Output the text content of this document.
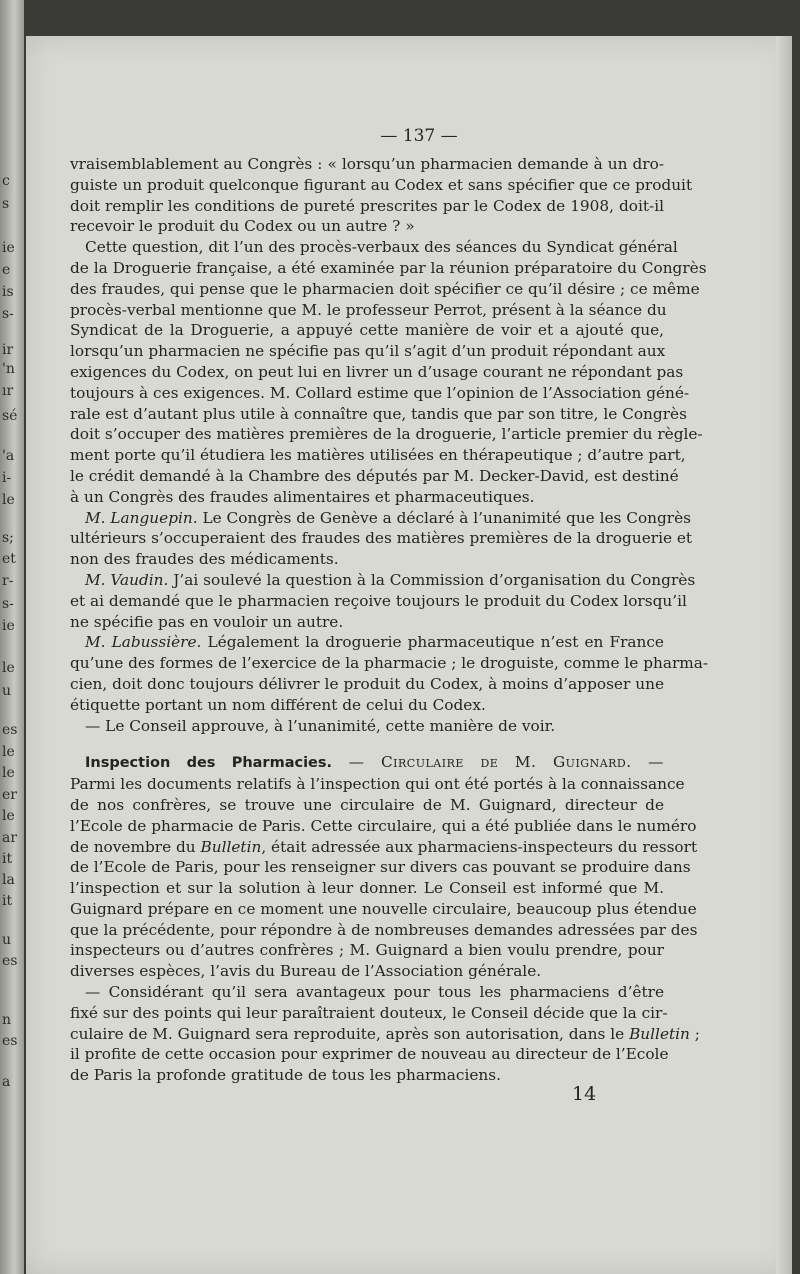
c
s
ie
e
is
s-
ir
'n
ır
sé
'a
i-
le
s;
et
r-
s-
ie
le
u
es
le
le
er
le
ar
it
la
it
u
es
n
es
a
— 137 —
vraisemblablement au Congrès : « lorsqu’un pharmacien demande à un dro-
guiste un produit quelconque figurant au Codex et sans spécifier que ce produit
doit remplir les conditions de pureté prescrites par le Codex de 1908, doit-il
recevoir le produit du Codex ou un autre ? »
Cette question, dit l’un des procès-verbaux des séances du Syndicat général
de la Droguerie française, a été examinée par la réunion préparatoire du Congrès
des fraudes, qui pense que le pharmacien doit spécifier ce qu’il désire ; ce même
procès-verbal mentionne que M. le professeur Perrot, présent à la séance du
Syndicat de la Droguerie, a appuyé cette manière de voir et a ajouté que,
lorsqu’un pharmacien ne spécifie pas qu’il s’agit d’un produit répondant aux
exigences du Codex, on peut lui en livrer un d’usage courant ne répondant pas
toujours à ces exigences. M. Collard estime que l’opinion de l’Association géné-
rale est d’autant plus utile à connaître que, tandis que par son titre, le Congrès
doit s’occuper des matières premières de la droguerie, l’article premier du règle-
ment porte qu’il étudiera les matières utilisées en thérapeutique ; d’autre part,
le crédit demandé à la Chambre des députés par M. Decker-David, est destiné
à un Congrès des fraudes alimentaires et pharmaceutiques.
M. Languepin. Le Congrès de Genève a déclaré à l’unanimité que les Congrès
ultérieurs s’occuperaient des fraudes des matières premières de la droguerie et
non des fraudes des médicaments.
M. Vaudin. J’ai soulevé la question à la Commission d’organisation du Congrès
et ai demandé que le pharmacien reçoive toujours le produit du Codex lorsqu’il
ne spécifie pas en vouloir un autre.
M. Labussière. Légalement la droguerie pharmaceutique n’est en France
qu’une des formes de l’exercice de la pharmacie ; le droguiste, comme le pharma-
cien, doit donc toujours délivrer le produit du Codex, à moins d’apposer une
étiquette portant un nom différent de celui du Codex.
— Le Conseil approuve, à l’unanimité, cette manière de voir.
Inspection des Pharmacies. — Circulaire de M. Guignard. —
Parmi les documents relatifs à l’inspection qui ont été portés à la connaissance
de nos confrères, se trouve une circulaire de M. Guignard, directeur de
l’Ecole de pharmacie de Paris. Cette circulaire, qui a été publiée dans le numéro
de novembre du Bulletin, était adressée aux pharmaciens-inspecteurs du ressort
de l’Ecole de Paris, pour les renseigner sur divers cas pouvant se produire dans
l’inspection et sur la solution à leur donner. Le Conseil est informé que M.
Guignard prépare en ce moment une nouvelle circulaire, beaucoup plus étendue
que la précédente, pour répondre à de nombreuses demandes adressées par des
inspecteurs ou d’autres confrères ; M. Guignard a bien voulu prendre, pour
diverses espèces, l’avis du Bureau de l’Association générale.
— Considérant qu’il sera avantageux pour tous les pharmaciens d’être
fixé sur des points qui leur paraîtraient douteux, le Conseil décide que la cir-
culaire de M. Guignard sera reproduite, après son autorisation, dans le Bulletin ;
il profite de cette occasion pour exprimer de nouveau au directeur de l’Ecole
de Paris la profonde gratitude de tous les pharmaciens.
14
